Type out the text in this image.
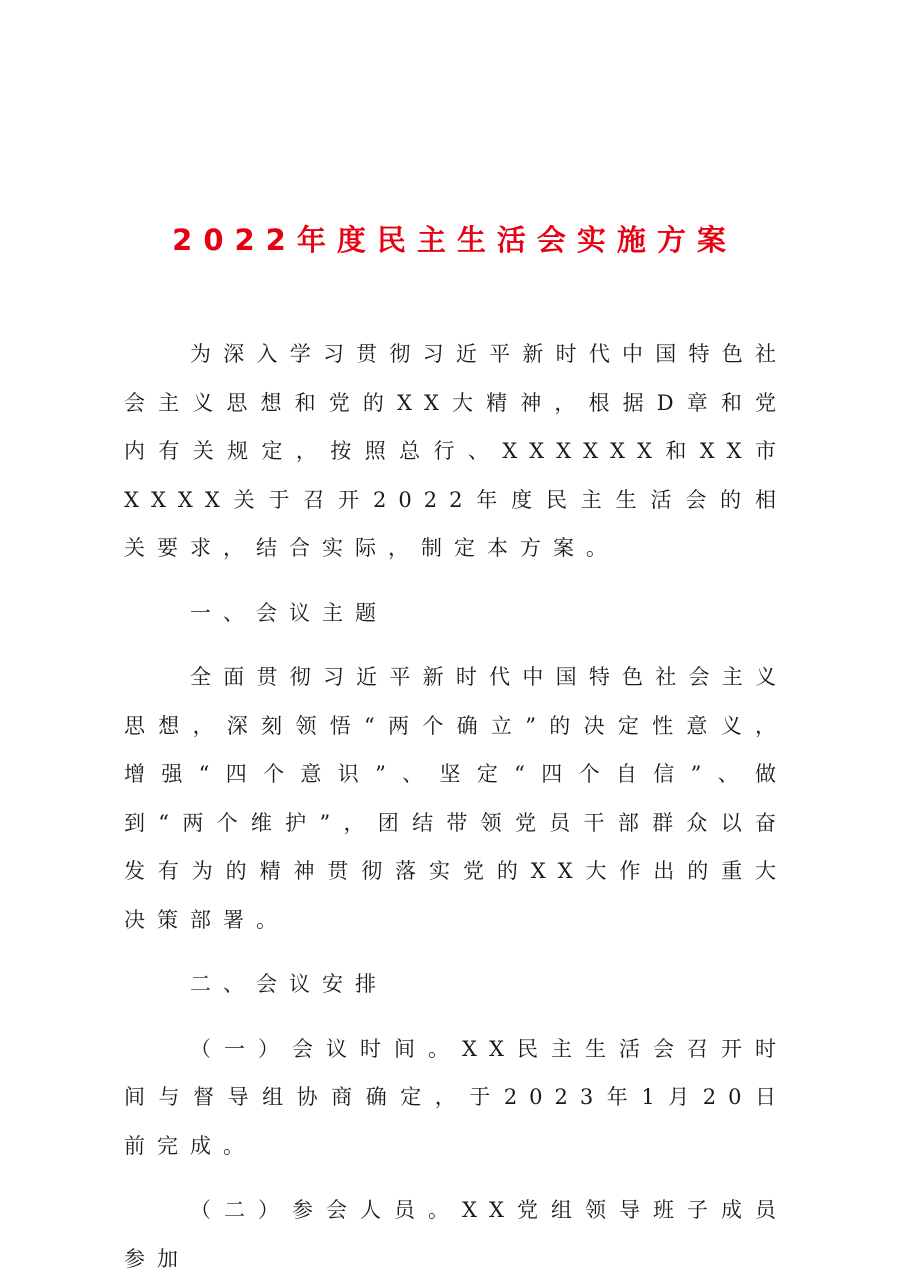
2022年度民主生活会实施方案

为深入学习贯彻习近平新时代中国特色社会主义思想和党的XX大精神，根据D章和党内有关规定，按照总行、XXXXXX和XX市XXXX关于召开2022年度民主生活会的相关要求，结合实际，制定本方案。

一、会议主题

全面贯彻习近平新时代中国特色社会主义思想，深刻领悟“两个确立”的决定性意义，增强“四个意识”、坚定“四个自信”、做到“两个维护”，团结带领党员干部群众以奋发有为的精神贯彻落实党的XX大作出的重大决策部署。

二、会议安排

（一）会议时间。XX民主生活会召开时间与督导组协商确定，于2023年1月20日前完成。

（二）参会人员。XX党组领导班子成员参加
